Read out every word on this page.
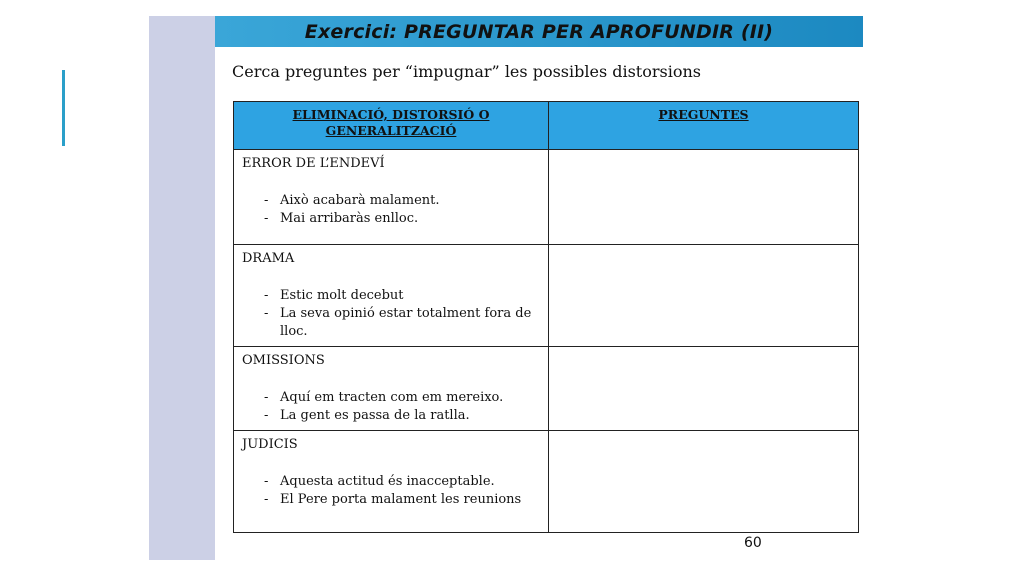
Exercici: PREGUNTAR PER APROFUNDIR (II)
Cerca preguntes per “impugnar” les possibles distorsions
ELIMINACIÓ, DISTORSIÓ O GENERALITZACIÓ	PREGUNTES

ERROR DE L’ENDEVÍ
- Això acabarà malament.
- Mai arribaràs enlloc.	

DRAMA
- Estic molt decebut
- La seva opinió estar totalment fora de lloc.	

OMISSIONS
- Aquí em tracten com em mereixo.
- La gent es passa de la ratlla.	

JUDICIS
- Aquesta actitud és inacceptable.
- El Pere porta malament les reunions	

60
